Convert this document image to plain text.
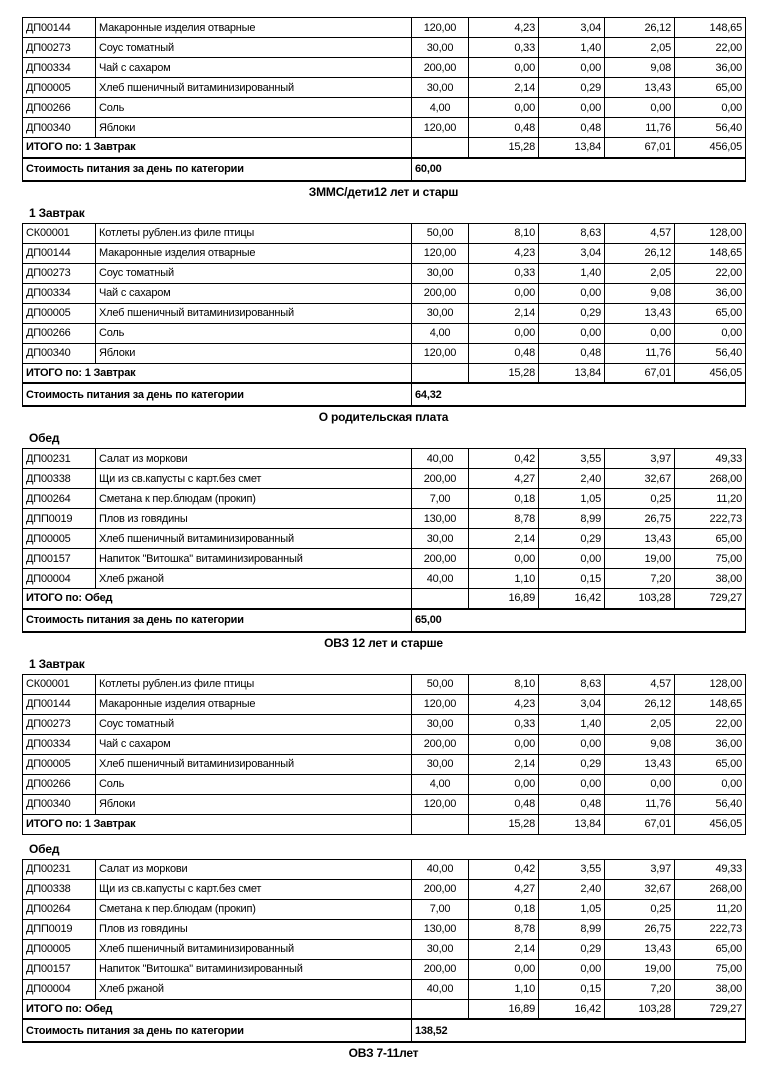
ДП00144	Макаронные изделия отварные	120,00	4,23	3,04	26,12	148,65
ДП00273	Соус томатный	30,00	0,33	1,40	2,05	22,00
ДП00334	Чай с сахаром	200,00	0,00	0,00	9,08	36,00
ДП00005	Хлеб пшеничный витаминизированный	30,00	2,14	0,29	13,43	65,00
ДП00266	Соль	4,00	0,00	0,00	0,00	0,00
ДП00340	Яблоки	120,00	0,48	0,48	11,76	56,40
ИТОГО по: 1 Завтрак			15,28	13,84	67,01	456,05
Стоимость питания за день по категории		60,00				
ЗММС/дети12 лет и старш
1 Завтрак
СК00001	Котлеты рублен.из филе птицы	50,00	8,10	8,63	4,57	128,00
ДП00144	Макаронные изделия отварные	120,00	4,23	3,04	26,12	148,65
ДП00273	Соус томатный	30,00	0,33	1,40	2,05	22,00
ДП00334	Чай с сахаром	200,00	0,00	0,00	9,08	36,00
ДП00005	Хлеб пшеничный витаминизированный	30,00	2,14	0,29	13,43	65,00
ДП00266	Соль	4,00	0,00	0,00	0,00	0,00
ДП00340	Яблоки	120,00	0,48	0,48	11,76	56,40
ИТОГО по: 1 Завтрак			15,28	13,84	67,01	456,05
Стоимость питания за день по категории		64,32				
О родительская плата
Обед
ДП00231	Салат из моркови	40,00	0,42	3,55	3,97	49,33
ДП00338	Щи из св.капусты с карт.без смет	200,00	4,27	2,40	32,67	268,00
ДП00264	Сметана к пер.блюдам (прокип)	7,00	0,18	1,05	0,25	11,20
ДПП0019	Плов из говядины	130,00	8,78	8,99	26,75	222,73
ДП00005	Хлеб пшеничный витаминизированный	30,00	2,14	0,29	13,43	65,00
ДП00157	Напиток "Витошка" витаминизированный	200,00	0,00	0,00	19,00	75,00
ДП00004	Хлеб ржаной	40,00	1,10	0,15	7,20	38,00
ИТОГО по: Обед			16,89	16,42	103,28	729,27
Стоимость питания за день по категории		65,00				
ОВЗ 12 лет и старше
1 Завтрак
СК00001	Котлеты рублен.из филе птицы	50,00	8,10	8,63	4,57	128,00
ДП00144	Макаронные изделия отварные	120,00	4,23	3,04	26,12	148,65
ДП00273	Соус томатный	30,00	0,33	1,40	2,05	22,00
ДП00334	Чай с сахаром	200,00	0,00	0,00	9,08	36,00
ДП00005	Хлеб пшеничный витаминизированный	30,00	2,14	0,29	13,43	65,00
ДП00266	Соль	4,00	0,00	0,00	0,00	0,00
ДП00340	Яблоки	120,00	0,48	0,48	11,76	56,40
ИТОГО по: 1 Завтрак			15,28	13,84	67,01	456,05
Обед
ДП00231	Салат из моркови	40,00	0,42	3,55	3,97	49,33
ДП00338	Щи из св.капусты с карт.без смет	200,00	4,27	2,40	32,67	268,00
ДП00264	Сметана к пер.блюдам (прокип)	7,00	0,18	1,05	0,25	11,20
ДПП0019	Плов из говядины	130,00	8,78	8,99	26,75	222,73
ДП00005	Хлеб пшеничный витаминизированный	30,00	2,14	0,29	13,43	65,00
ДП00157	Напиток "Витошка" витаминизированный	200,00	0,00	0,00	19,00	75,00
ДП00004	Хлеб ржаной	40,00	1,10	0,15	7,20	38,00
ИТОГО по: Обед			16,89	16,42	103,28	729,27
Стоимость питания за день по категории		138,52				
ОВЗ 7-11лет
